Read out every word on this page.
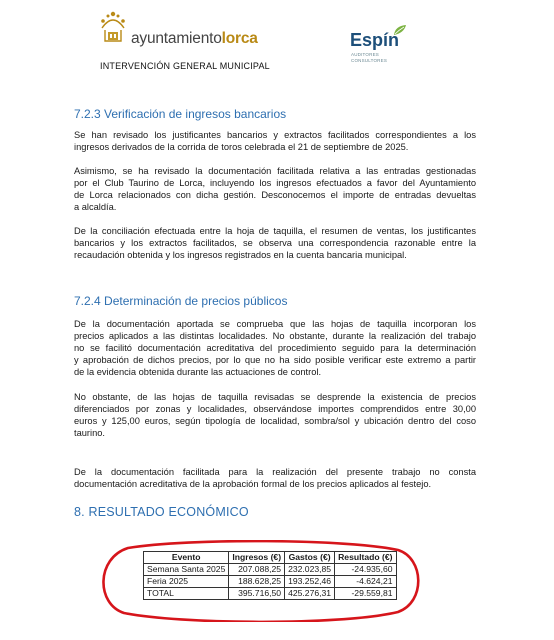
ayuntamientolorca
INTERVENCIÓN GENERAL MUNICIPAL
Espín
AUDITORES
CONSULTORES
7.2.3 Verificación de ingresos bancarios
Se han revisado los justificantes bancarios y extractos facilitados correspondientes a los
ingresos derivados de la corrida de toros celebrada el 21 de septiembre de 2025.
Asimismo, se ha revisado la documentación facilitada relativa a las entradas gestionadas
por el Club Taurino de Lorca, incluyendo los ingresos efectuados a favor del Ayuntamiento
de Lorca relacionados con dicha gestión. Desconocemos el importe de entradas devueltas
a alcaldía.
De la conciliación efectuada entre la hoja de taquilla, el resumen de ventas, los justificantes
bancarios y los extractos facilitados, se observa una correspondencia razonable entre la
recaudación obtenida y los ingresos registrados en la cuenta bancaria municipal.
7.2.4 Determinación de precios públicos
De la documentación aportada se comprueba que las hojas de taquilla incorporan los
precios aplicados a las distintas localidades. No obstante, durante la realización del trabajo
no se facilitó documentación acreditativa del procedimiento seguido para la determinación
y aprobación de dichos precios, por lo que no ha sido posible verificar este extremo a partir
de la evidencia obtenida durante las actuaciones de control.
No obstante, de las hojas de taquilla revisadas se desprende la existencia de precios
diferenciados por zonas y localidades, observándose importes comprendidos entre 30,00
euros y 125,00 euros, según tipología de localidad, sombra/sol y ubicación dentro del coso
taurino.
De la documentación facilitada para la realización del presente trabajo no consta
documentación acreditativa de la aprobación formal de los precios aplicados al festejo.
8. RESULTADO ECONÓMICO
Evento	Ingresos (€)	Gastos (€)	Resultado (€)
Semana Santa 2025	207.088,25	232.023,85	-24.935,60
Feria 2025	188.628,25	193.252,46	-4.624,21
TOTAL	395.716,50	425.276,31	-29.559,81
